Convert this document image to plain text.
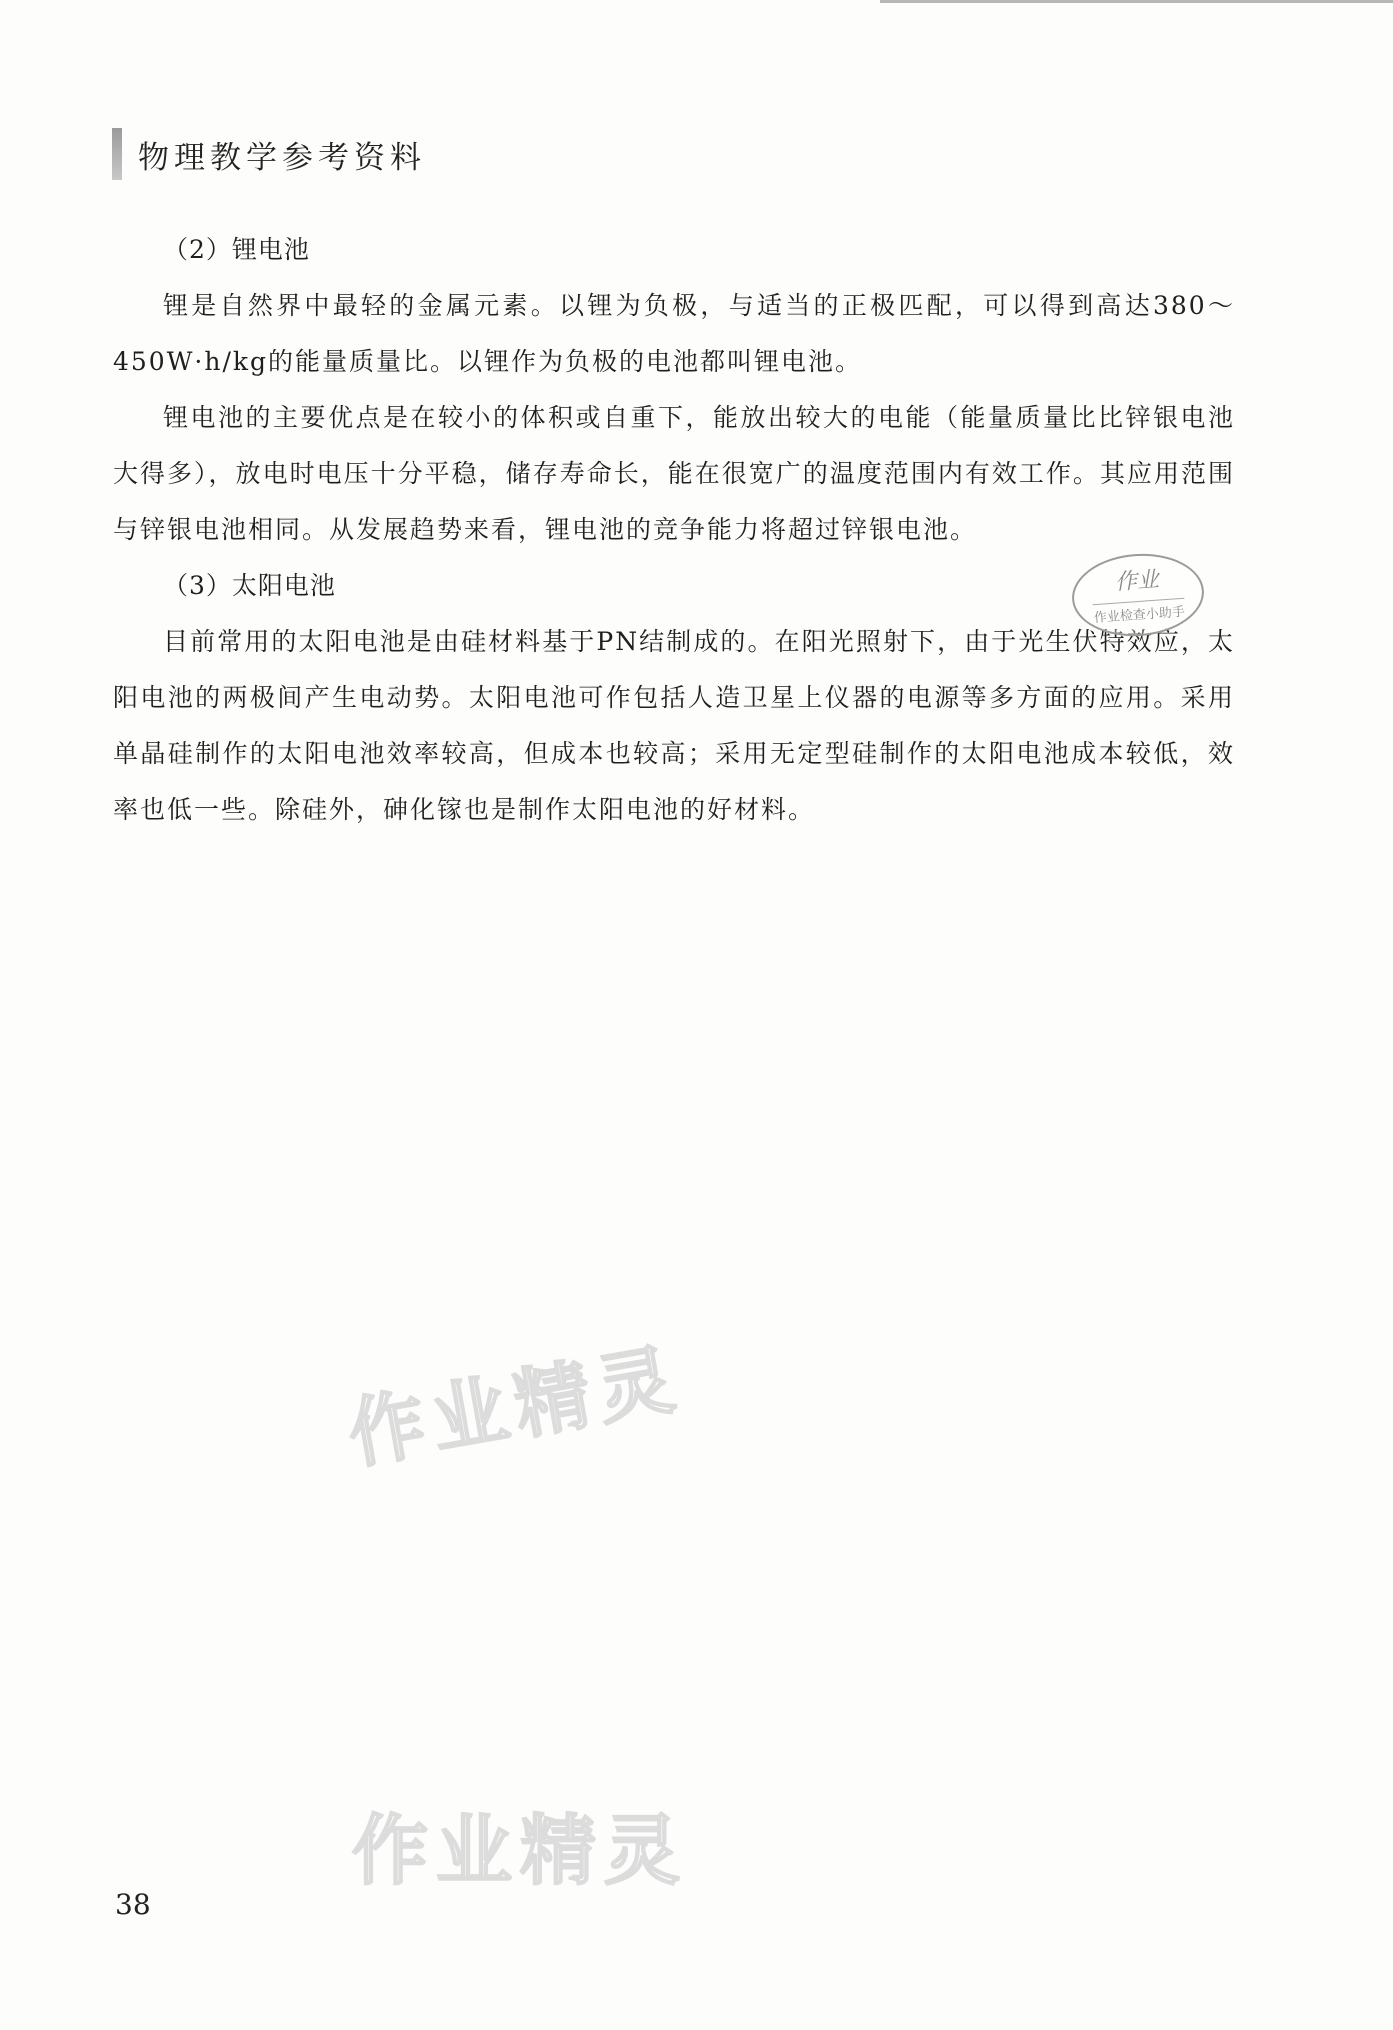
物理教学参考资料

（2）锂电池

锂是自然界中最轻的金属元素。以锂为负极，与适当的正极匹配，可以得到高达380～450W·h/kg的能量质量比。以锂作为负极的电池都叫锂电池。

锂电池的主要优点是在较小的体积或自重下，能放出较大的电能（能量质量比比锌银电池大得多），放电时电压十分平稳，储存寿命长，能在很宽广的温度范围内有效工作。其应用范围与锌银电池相同。从发展趋势来看，锂电池的竞争能力将超过锌银电池。

（3）太阳电池

目前常用的太阳电池是由硅材料基于PN结制成的。在阳光照射下，由于光生伏特效应，太阳电池的两极间产生电动势。太阳电池可作包括人造卫星上仪器的电源等多方面的应用。采用单晶硅制作的太阳电池效率较高，但成本也较高；采用无定型硅制作的太阳电池成本较低，效率也低一些。除硅外，砷化镓也是制作太阳电池的好材料。

作业
作业检查小助手
作业精灵
作业精灵
38
